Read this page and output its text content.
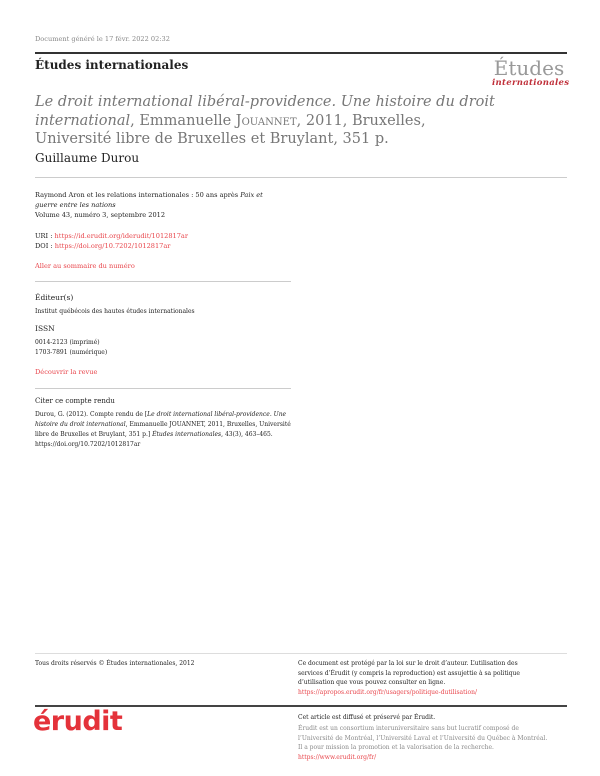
Document généré le 17 févr. 2022 02:32
Études internationales	Études
internationales
Le droit international libéral-providence. Une histoire du droit international, Emmanuelle Jouannet, 2011, Bruxelles, Université libre de Bruxelles et Bruylant, 351 p.
Guillaume Durou
Raymond Aron et les relations internationales : 50 ans après Paix et guerre entre les nations
Volume 43, numéro 3, septembre 2012
URI : https://id.erudit.org/iderudit/1012817ar
DOI : https://doi.org/10.7202/1012817ar
Aller au sommaire du numéro
Éditeur(s)
Institut québécois des hautes études internationales
ISSN
0014-2123 (imprimé)
1703-7891 (numérique)
Découvrir la revue
Citer ce compte rendu
Durou, G. (2012). Compte rendu de [Le droit international libéral-providence. Une histoire du droit international, Emmanuelle JOUANNET, 2011, Bruxelles, Université libre de Bruxelles et Bruylant, 351 p.] Études internationales, 43(3), 463–465. https://doi.org/10.7202/1012817ar
Tous droits réservés © Études internationales, 2012	Ce document est protégé par la loi sur le droit d’auteur. L’utilisation des services d’Érudit (y compris la reproduction) est assujettie à sa politique d’utilisation que vous pouvez consulter en ligne.
https://apropos.erudit.org/fr/usagers/politique-dutilisation/
érudit	Cet article est diffusé et préservé par Érudit.
Érudit est un consortium interuniversitaire sans but lucratif composé de l’Université de Montréal, l’Université Laval et l’Université du Québec à Montréal. Il a pour mission la promotion et la valorisation de la recherche.
https://www.erudit.org/fr/
